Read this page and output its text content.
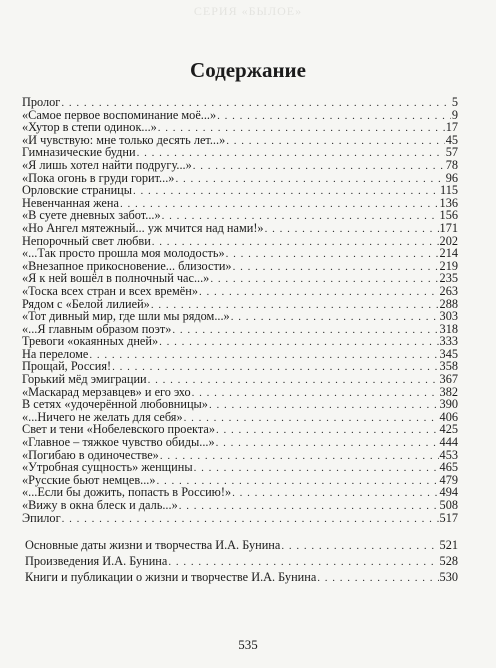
СЕРИЯ «БЫЛОЕ»
Содержание
Пролог . . .	5
«Самое первое воспоминание моё...» . . .	9
«Хутор в степи одинок...» . . .	17
«И чувствую: мне только десять лет...» . . .	45
Гимназические будни . . .	57
«Я лишь хотел найти подругу...» . . .	78
«Пока огонь в груди горит...» . . .	96
Орловские страницы . . .	115
Невенчанная жена . . .	136
«В суете дневных забот...» . . .	156
«Но Ангел мятежный... уж мчится над нами!» . . .	171
Непорочный свет любви . . .	202
«...Так просто прошла моя молодость» . . .	214
«Внезапное прикосновение... близости» . . .	219
«Я к ней вошёл в полночный час...» . . .	235
«Тоска всех стран и всех времён» . . .	263
Рядом с «Белой лилией» . . .	288
«Тот дивный мир, где шли мы рядом...» . . .	303
«...Я главным образом поэт» . . .	318
Тревоги «окаянных дней» . . .	333
На переломе . . .	345
Прощай, Россия! . . .	358
Горький мёд эмиграции . . .	367
«Маскарад мерзавцев» и его эхо . . .	382
В сетях «удочерённой любовницы» . . .	390
«...Ничего не желать для себя» . . .	406
Свет и тени «Нобелевского проекта» . . .	425
«Главное – тяжкое чувство обиды...» . . .	444
«Погибаю в одиночестве» . . .	453
«Утробная сущность» женщины . . .	465
«Русские бьют немцев...» . . .	479
«...Если бы дожить, попасть в Россию!» . . .	494
«Вижу в окна блеск и даль...» . . .	508
Эпилог . . .	517
Основные даты жизни и творчества И.А. Бунина . . .	521
Произведения И.А. Бунина . . .	528
Книги и публикации о жизни и творчестве И.А. Бунина . . .	530
535
